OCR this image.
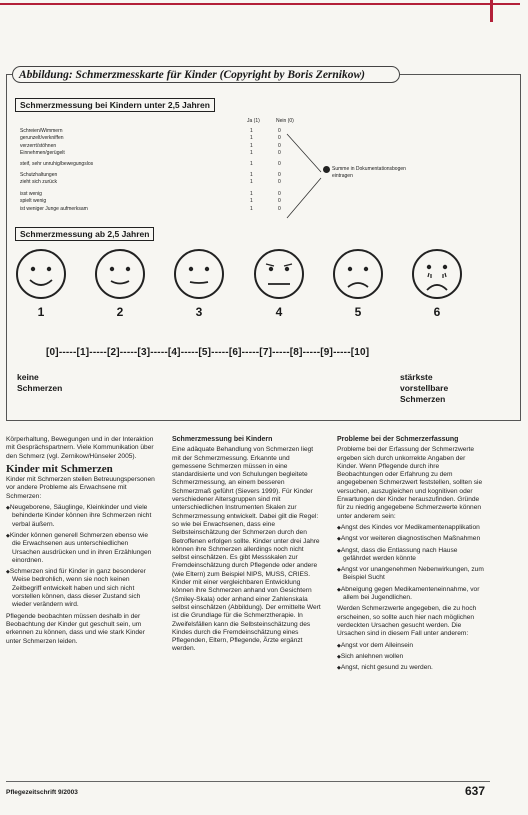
Abbildung: Schmerzmesskarte für Kinder (Copyright by Boris Zernikow)
Schmerzmessung bei Kindern unter 2,5 Jahren
Ja (1)	Nein (0)
Schreien/Wimmern	1	0
gerunzelt/verkniffen	1	0
verzerrt/stöhnen	1	0
Einnehmen/gerügelt	1	0
steif, sehr unruhig/bewegungslos	1	0
Schutzhaltungen	1	0
zieht sich zurück	1	0
isst wenig	1	0
spielt wenig	1	0
ist weniger Junge aufmerksam	1	0
Summe in Dokumentationsbogen eintragen
Schmerzmessung ab 2,5 Jahren
1	2	3	4	5	6
[0]-----[1]-----[2]-----[3]-----[4]-----[5]-----[6]-----[7]-----[8]-----[9]-----[10]
keine Schmerzen
stärkste vorstellbare Schmerzen

Körperhaltung, Bewegungen und in der Interaktion mit Gesprächspartnern. Viele Kommunikation über den Schmerz (vgl. Zernikow/Hünseler 2005).

Kinder mit Schmerzen

Kinder mit Schmerzen stellen Betreuungspersonen vor andere Probleme als Erwachsene mit Schmerzen:

◆ Neugeborene, Säuglinge, Kleinkinder und viele behinderte Kinder können ihre Schmerzen nicht verbal äußern.

◆ Kinder können generell Schmerzen ebenso wie die Erwachsenen aus unterschiedlichen Ursachen ausdrücken und in ihren Erzählungen einordnen.

◆ Schmerzen sind für Kinder in ganz besonderer Weise bedrohlich, wenn sie noch keinen Zeitbegriff entwickelt haben und sich nicht vorstellen können, dass dieser Zustand sich wieder verändern wird.

Pflegende beobachten müssen deshalb in der Beobachtung der Kinder gut geschult sein, um erkennen zu können, dass und wie stark Kinder unter Schmerzen leiden.

Schmerzmessung bei Kindern

Eine adäquate Behandlung von Schmerzen liegt mit der Schmerzmessung. Erkannte und gemessene Schmerzen müssen in eine standardisierte und von Schulungen begleitete Schmerzmessung, an einem besseren Schmerzmaß geführt (Sievers 1999). Für Kinder verschiedener Altersgruppen sind mit unterschiedlichen Instrumenten Skalen zur Schmerzmessung entwickelt. Dabei gilt die Regel: so wie bei Erwachsenen, dass eine Selbsteinschätzung der Schmerzen durch den Betroffenen erfolgen sollte. Kinder unter drei Jahre können ihre Schmerzen allerdings noch nicht selbst einschätzen. Es gibt Messskalen zur Fremdeinschätzung durch Pflegende oder andere (wie Eltern) zum Beispiel NIPS, MUSS, CRIES. Kinder mit einer vergleichbaren Entwicklung können ihre Schmerzen anhand von Gesichtern (Smiley-Skala) oder anhand einer Zahlenskala selbst einschätzen (Abbildung). Der ermittelte Wert ist die Grundlage für die Schmerztherapie. In Zweifelsfällen kann die Selbsteinschätzung des Kindes durch die Fremdeinschätzung eines Pflegenden, Eltern, Pflegende, Ärzte ergänzt werden.

Probleme bei der Schmerzerfassung

Probleme bei der Erfassung der Schmerzwerte ergeben sich durch unkorrekte Angaben der Kinder. Wenn Pflegende durch ihre Beobachtungen oder Erfahrung zu dem angegebenen Schmerzwert feststellen, sollten sie versuchen, auszugleichen und kognitiven oder Erwartungen der Kinder herauszufinden. Gründe für zu niedrig angegebene Schmerzwerte können unter anderem sein:

◆ Angst des Kindes vor Medikamentenapplikation

◆ Angst vor weiteren diagnostischen Maßnahmen

◆ Angst, dass die Entlassung nach Hause gefährdet werden könnte

◆ Angst vor unangenehmen Nebenwirkungen, zum Beispiel Sucht

◆ Abneigung gegen Medikamenteneinnahme, vor allem bei Jugendlichen.

Werden Schmerzwerte angegeben, die zu hoch erscheinen, so sollte auch hier nach möglichen verdeckten Ursachen gesucht werden. Die Ursachen sind in diesem Fall unter anderem:

◆ Angst vor dem Alleinsein

◆ Sich anlehnen wollen

◆ Angst, nicht gesund zu werden.

Pflegezeitschrift 9/2003	637
